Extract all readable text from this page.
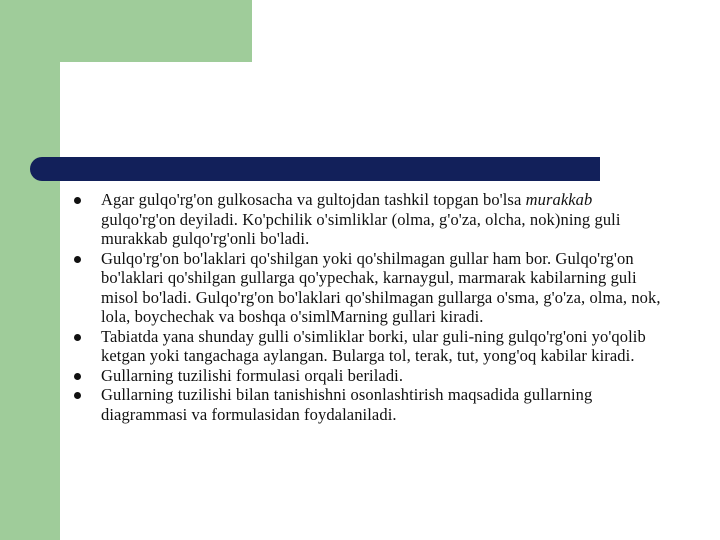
Agar gulqo'rg'on gulkosacha va gultojdan tashkil topgan bo'lsa murakkab gulqo'rg'on deyiladi. Ko'pchilik o'simliklar (olma, g'o'za, olcha, nok)ning guli murakkab gulqo'rg'onli bo'ladi.
Gulqo'rg'on bo'laklari qo'shilgan yoki qo'shilmagan gullar ham bor. Gulqo'rg'on bo'laklari qo'shilgan gullarga qo'ypechak, karnaygul, marmarak kabilarning guli misol bo'ladi. Gulqo'rg'on bo'laklari qo'shilmagan gullarga o'sma, g'o'za, olma, nok, lola, boychechak va boshqa o'simlMarning gullari kiradi.
Tabiatda yana shunday gulli o'simliklar borki, ular guli-ning gulqo'rg'oni yo'qolib ketgan yoki tangachaga aylangan. Bularga tol, terak, tut, yong'oq kabilar kiradi.
Gullarning tuzilishi formulasi orqali beriladi.
Gullarning tuzilishi bilan tanishishni osonlashtirish maqsadida gullarning diagrammasi va formulasidan foydalaniladi.
